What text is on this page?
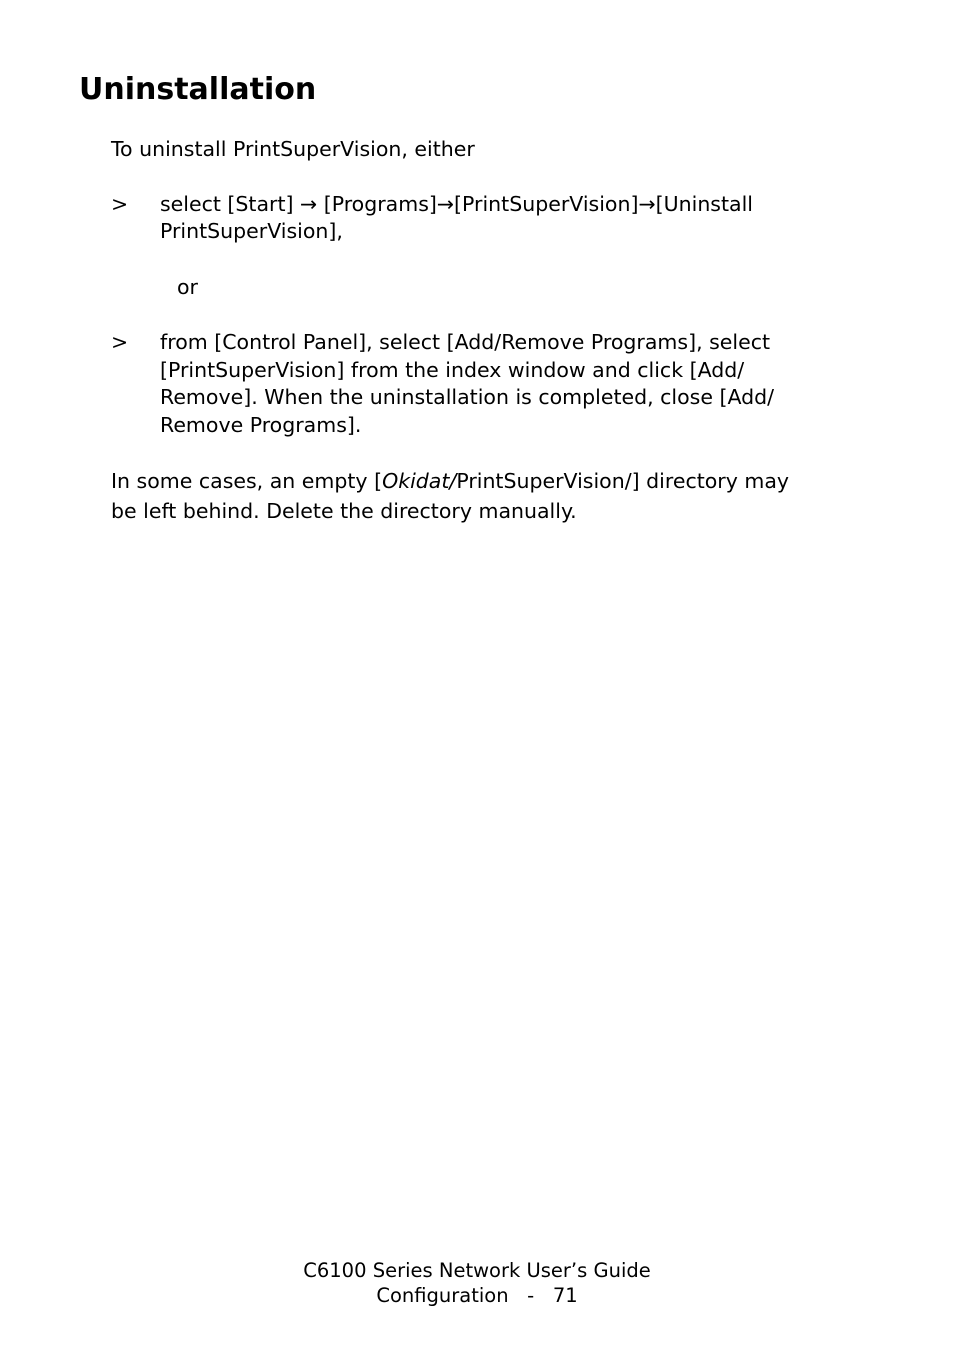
Uninstallation

To uninstall PrintSuperVision, either

>	select [Start] → [Programs]→[PrintSuperVision]→[Uninstall
PrintSuperVision],
or
>	from [Control Panel], select [Add/Remove Programs], select
[PrintSuperVision] from the index window and click [Add/
Remove]. When the uninstallation is completed, close [Add/
Remove Programs].

In some cases, an empty [Okidat/PrintSuperVision/] directory may
be left behind. Delete the directory manually.

C6100 Series Network User’s Guide
Configuration   -   71
